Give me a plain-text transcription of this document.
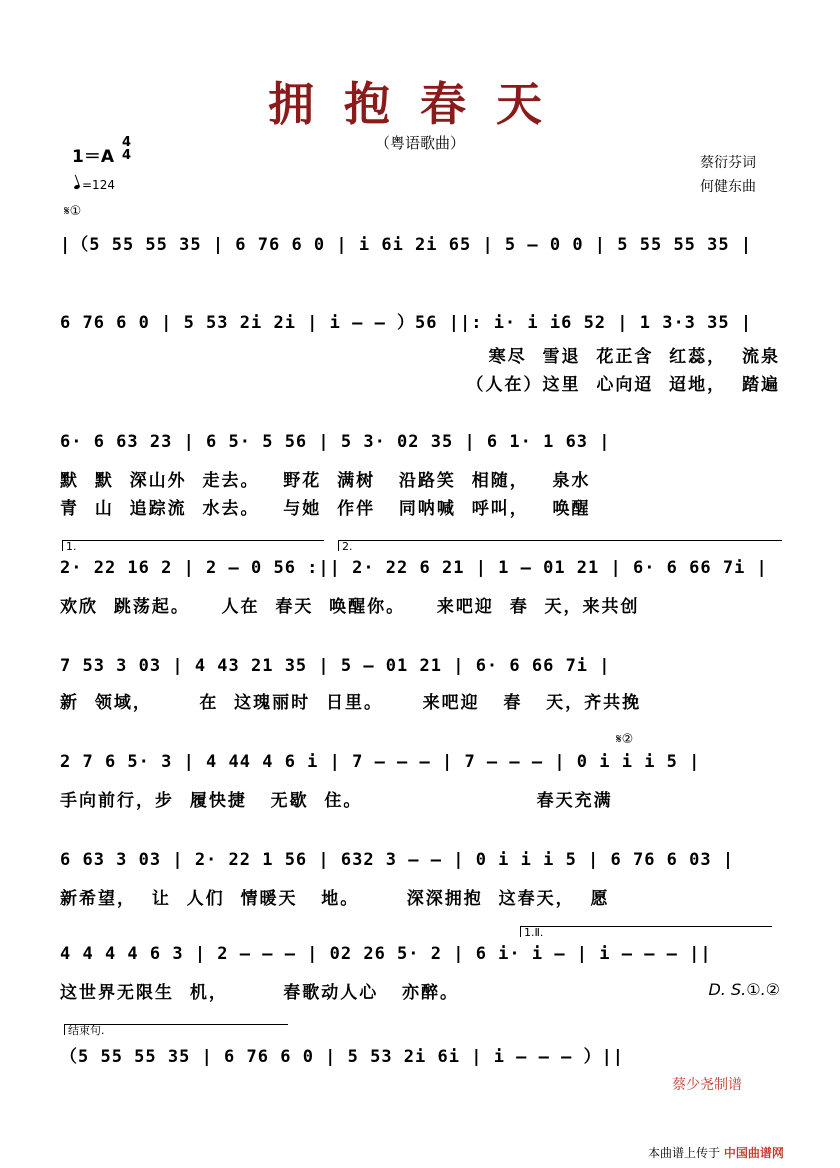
拥抱春天
（粤语歌曲）
1＝A
4
4
=124
蔡衍芬词
何健东曲
𝄋①
|（5 55 55 35 | 6 76 6 0 | i 6i 2i 65 | 5 — 0 0 | 5 55 55 35 |
6 76 6 0 | 5 53 2i 2i | i — — ）56 ||: i· i i6 52 | 1 3·3 35 |
寒尽  雪退  花正含  红蕊，  流泉
（人在）这里  心向迢  迢地，  踏遍
6· 6 63 23 | 6 5· 5 56 | 5 3· 02 35 | 6 1· 1 63 |
默  默  深山外  走去。   野花  满树   沿路笑  相随，   泉水
青  山  追踪流  水去。   与她  作伴   同呐喊  呼叫，   唤醒
1.	2.
2· 22 16 2 | 2 — 0 56 :|| 2· 22 6 21 | 1 — 01 21 | 6· 6 66 7i |
欢欣  跳荡起。    人在  春天  唤醒你。    来吧迎  春  天，来共创
7 53 3 03 | 4 43 21 35 | 5 — 01 21 | 6· 6 66 7i |
新  领域，      在  这瑰丽时  日里。     来吧迎   春   天，齐共挽
𝄋②
2 7 6 5· 3 | 4 44 4 6 i | 7 — — — | 7 — — — | 0 i i i 5 |
手向前行，步  履快捷   无歇  住。                      春天充满
6 63 3 03 | 2· 22 1 56 | 632 3 — — | 0 i i i 5 | 6 76 6 03 |
新希望，  让  人们  情暖天   地。      深深拥抱  这春天，  愿
1.Ⅱ.
4 4 4 4 6 3 | 2 — — — | 02 26 5· 2 | 6 i· i — | i — — — ||
这世界无限生  机，       春歌动人心   亦醉。	D. S.①.②
结束句.
（5 55 55 35 | 6 76 6 0 | 5 53 2i 6i | i — — — ）||
蔡少尧制谱
本曲谱上传于 中国曲谱网
